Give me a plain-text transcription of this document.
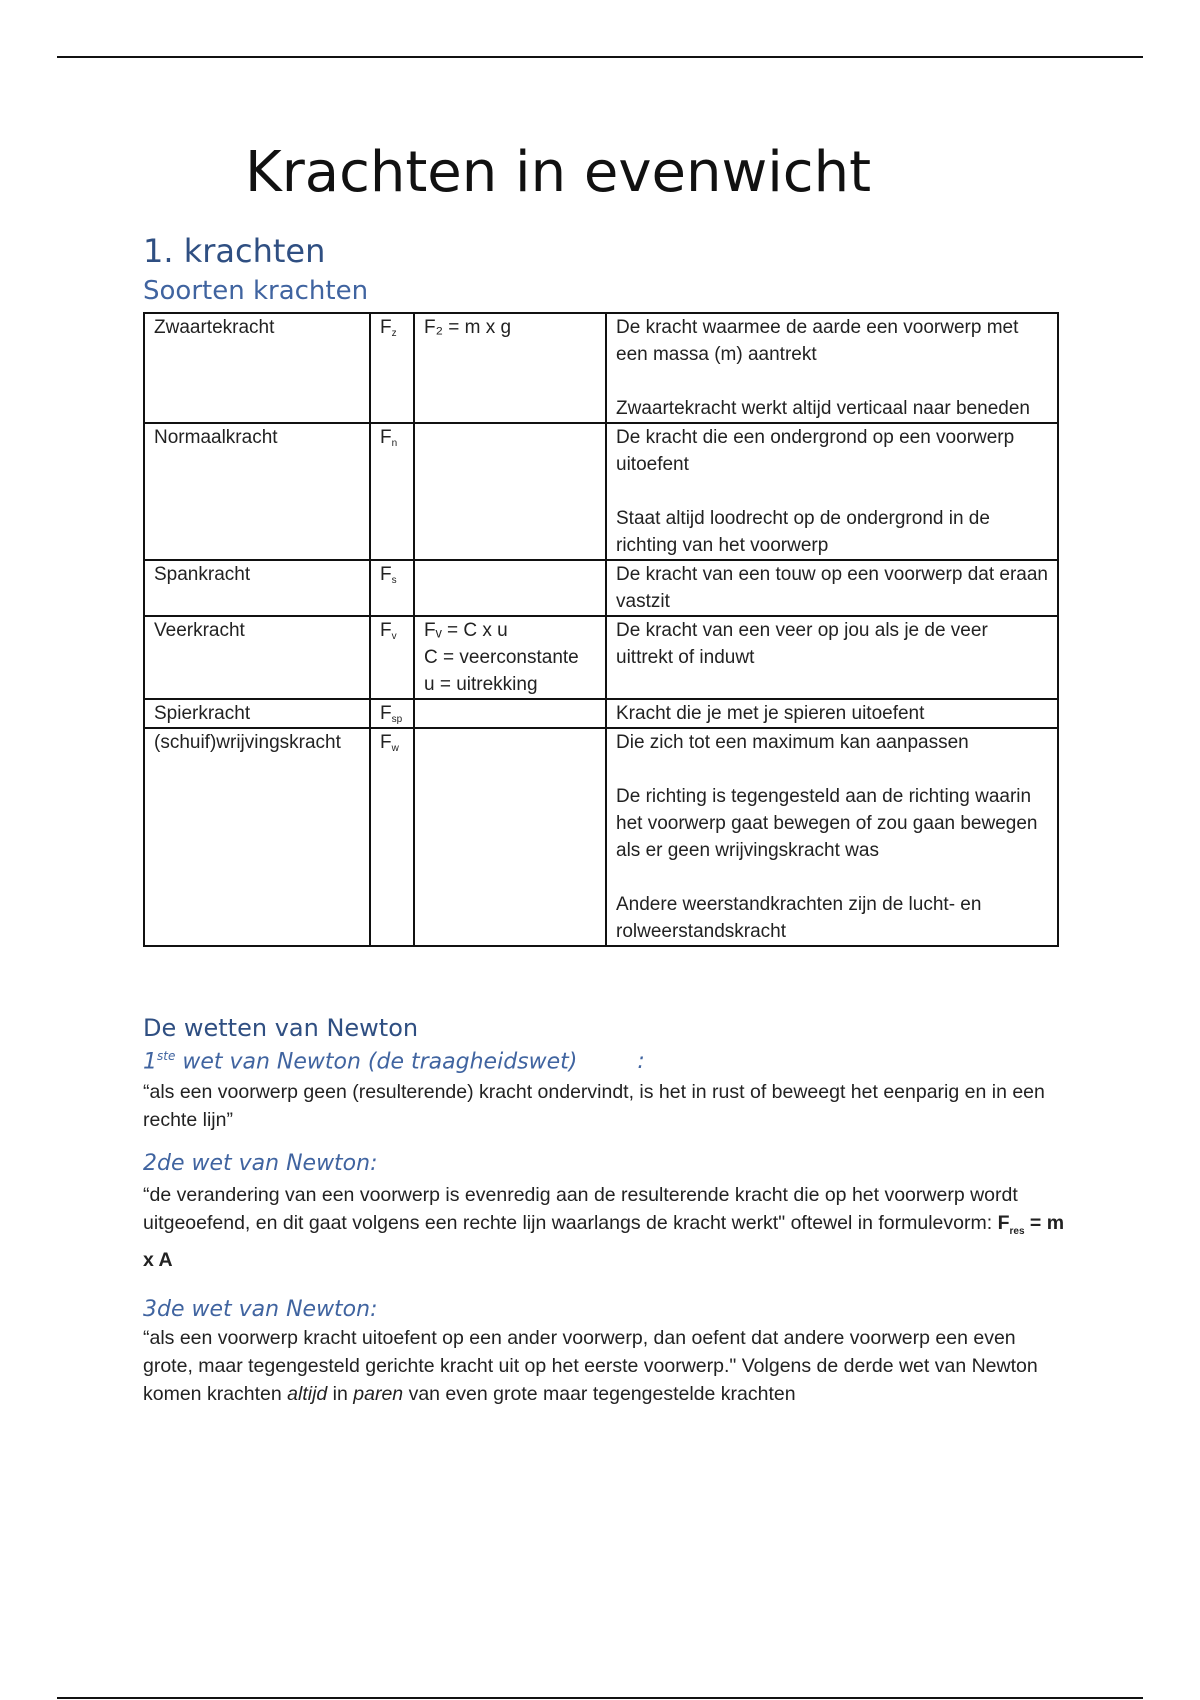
Krachten in evenwicht
1. krachten
Soorten krachten
Zwaartekracht	$F_z$	F₂ = m x g	De kracht waarmee de aarde een voorwerp met een massa (m) aantrekt

Zwaartekracht werkt altijd verticaal naar beneden

Normaalkracht	$F_n$		De kracht die een ondergrond op een voorwerp uitoefent

Staat altijd loodrecht op de ondergrond in de richting van het voorwerp

Spankracht	$F_s$		De kracht van een touw op een voorwerp dat eraan vastzit

Veerkracht	$F_v$	Fᵥ = C x u
C = veerconstante
u = uitrekking	De kracht van een veer op jou als je de veer uittrekt of induwt

Spierkracht	$F_{sp}$		Kracht die je met je spieren uitoefent

(schuif)wrijvingskracht	$F_w$		Die zich tot een maximum kan aanpassen

De richting is tegengesteld aan de richting waarin het voorwerp gaat bewegen of zou gaan bewegen als er geen wrijvingskracht was

Andere weerstandkrachten zijn de lucht- en rolweerstandskracht

De wetten van Newton
1ste wet van Newton (de traagheidswet)	:

“als een voorwerp geen (resulterende) kracht ondervindt, is het in rust of beweegt het eenparig en in een rechte lijn”

2de wet van Newton:

“de verandering van een voorwerp is evenredig aan de resulterende kracht die op het voorwerp wordt uitgeoefend, en dit gaat volgens een rechte lijn waarlangs de kracht werkt" oftewel in formulevorm: $F_{res} = m$ x A

3de wet van Newton:

“als een voorwerp kracht uitoefent op een ander voorwerp, dan oefent dat andere voorwerp een even grote, maar tegengesteld gerichte kracht uit op het eerste voorwerp." Volgens de derde wet van Newton komen krachten altijd in paren van even grote maar tegengestelde krachten
